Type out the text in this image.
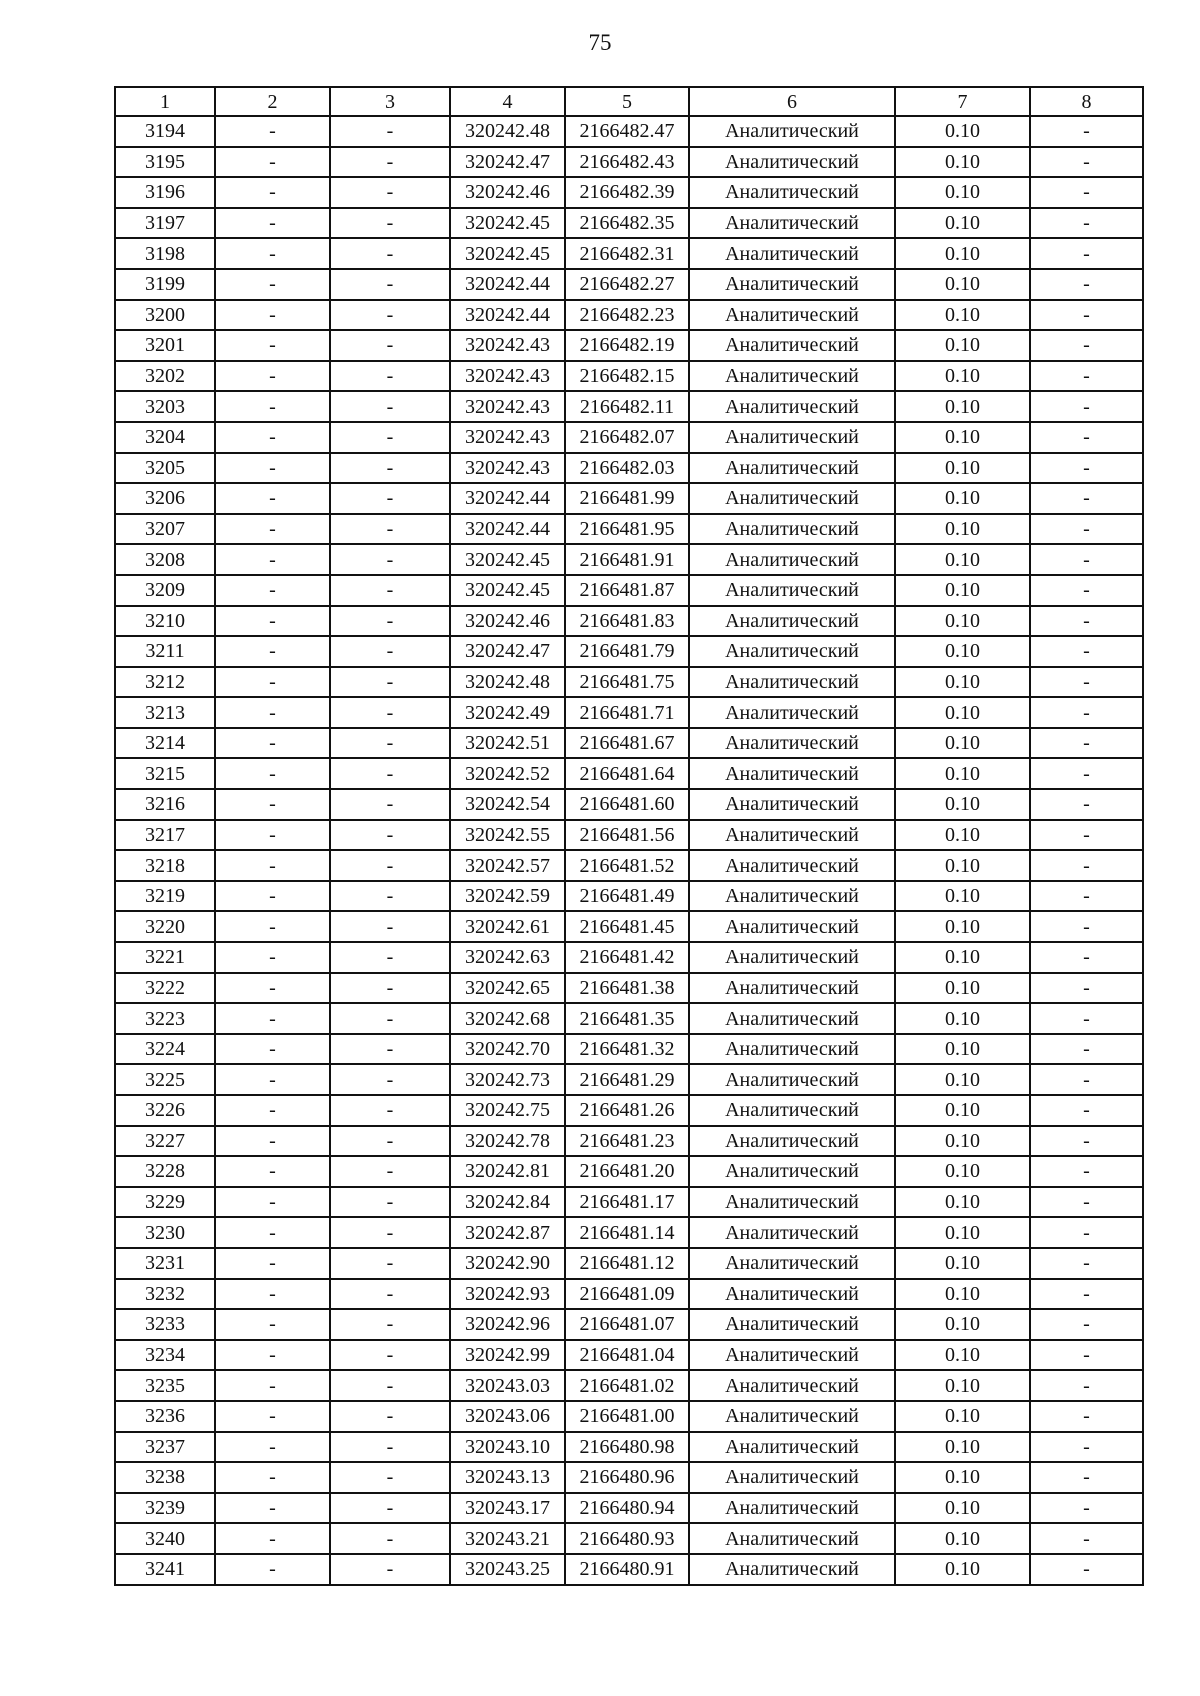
75
1	2	3	4	5	6	7	8
3194	-	-	320242.48	2166482.47	Аналитический	0.10	-
3195	-	-	320242.47	2166482.43	Аналитический	0.10	-
3196	-	-	320242.46	2166482.39	Аналитический	0.10	-
3197	-	-	320242.45	2166482.35	Аналитический	0.10	-
3198	-	-	320242.45	2166482.31	Аналитический	0.10	-
3199	-	-	320242.44	2166482.27	Аналитический	0.10	-
3200	-	-	320242.44	2166482.23	Аналитический	0.10	-
3201	-	-	320242.43	2166482.19	Аналитический	0.10	-
3202	-	-	320242.43	2166482.15	Аналитический	0.10	-
3203	-	-	320242.43	2166482.11	Аналитический	0.10	-
3204	-	-	320242.43	2166482.07	Аналитический	0.10	-
3205	-	-	320242.43	2166482.03	Аналитический	0.10	-
3206	-	-	320242.44	2166481.99	Аналитический	0.10	-
3207	-	-	320242.44	2166481.95	Аналитический	0.10	-
3208	-	-	320242.45	2166481.91	Аналитический	0.10	-
3209	-	-	320242.45	2166481.87	Аналитический	0.10	-
3210	-	-	320242.46	2166481.83	Аналитический	0.10	-
3211	-	-	320242.47	2166481.79	Аналитический	0.10	-
3212	-	-	320242.48	2166481.75	Аналитический	0.10	-
3213	-	-	320242.49	2166481.71	Аналитический	0.10	-
3214	-	-	320242.51	2166481.67	Аналитический	0.10	-
3215	-	-	320242.52	2166481.64	Аналитический	0.10	-
3216	-	-	320242.54	2166481.60	Аналитический	0.10	-
3217	-	-	320242.55	2166481.56	Аналитический	0.10	-
3218	-	-	320242.57	2166481.52	Аналитический	0.10	-
3219	-	-	320242.59	2166481.49	Аналитический	0.10	-
3220	-	-	320242.61	2166481.45	Аналитический	0.10	-
3221	-	-	320242.63	2166481.42	Аналитический	0.10	-
3222	-	-	320242.65	2166481.38	Аналитический	0.10	-
3223	-	-	320242.68	2166481.35	Аналитический	0.10	-
3224	-	-	320242.70	2166481.32	Аналитический	0.10	-
3225	-	-	320242.73	2166481.29	Аналитический	0.10	-
3226	-	-	320242.75	2166481.26	Аналитический	0.10	-
3227	-	-	320242.78	2166481.23	Аналитический	0.10	-
3228	-	-	320242.81	2166481.20	Аналитический	0.10	-
3229	-	-	320242.84	2166481.17	Аналитический	0.10	-
3230	-	-	320242.87	2166481.14	Аналитический	0.10	-
3231	-	-	320242.90	2166481.12	Аналитический	0.10	-
3232	-	-	320242.93	2166481.09	Аналитический	0.10	-
3233	-	-	320242.96	2166481.07	Аналитический	0.10	-
3234	-	-	320242.99	2166481.04	Аналитический	0.10	-
3235	-	-	320243.03	2166481.02	Аналитический	0.10	-
3236	-	-	320243.06	2166481.00	Аналитический	0.10	-
3237	-	-	320243.10	2166480.98	Аналитический	0.10	-
3238	-	-	320243.13	2166480.96	Аналитический	0.10	-
3239	-	-	320243.17	2166480.94	Аналитический	0.10	-
3240	-	-	320243.21	2166480.93	Аналитический	0.10	-
3241	-	-	320243.25	2166480.91	Аналитический	0.10	-
